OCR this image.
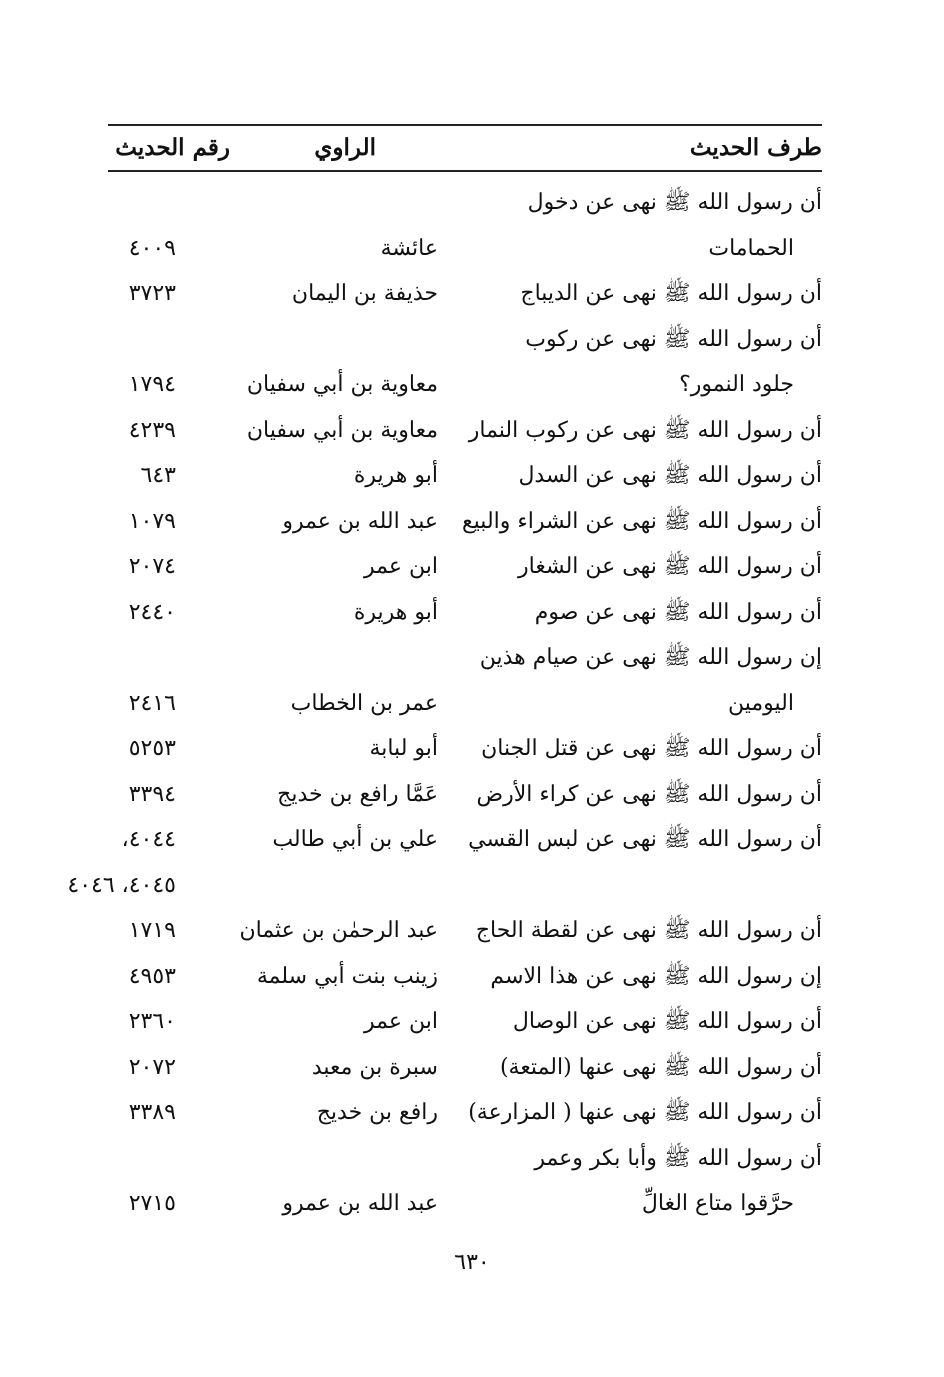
طرف الحديث
الراوي
رقم الحديث
أن رسول الله ﷺ نهى عن دخول
الحمامات
عائشة
٤٠٠٩
أن رسول الله ﷺ نهى عن الديباج
حذيفة بن اليمان
٣٧٢٣
أن رسول الله ﷺ نهى عن ركوب
جلود النمور؟
معاوية بن أبي سفيان
١٧٩٤
أن رسول الله ﷺ نهى عن ركوب النمار
معاوية بن أبي سفيان
٤٢٣٩
أن رسول الله ﷺ نهى عن السدل
أبو هريرة
٦٤٣
أن رسول الله ﷺ نهى عن الشراء والبيع
عبد الله بن عمرو
١٠٧٩
أن رسول الله ﷺ نهى عن الشغار
ابن عمر
٢٠٧٤
أن رسول الله ﷺ نهى عن صوم
أبو هريرة
٢٤٤٠
إن رسول الله ﷺ نهى عن صيام هذين
اليومين
عمر بن الخطاب
٢٤١٦
أن رسول الله ﷺ نهى عن قتل الجنان
أبو لبابة
٥٢٥٣
أن رسول الله ﷺ نهى عن كراء الأرض
عَمَّا رافع بن خديج
٣٣٩٤
أن رسول الله ﷺ نهى عن لبس القسي
علي بن أبي طالب
٤٠٤٤،
٤٠٤٥، ٤٠٤٦
أن رسول الله ﷺ نهى عن لقطة الحاج
عبد الرحمٰن بن عثمان
١٧١٩
إن رسول الله ﷺ نهى عن هذا الاسم
زينب بنت أبي سلمة
٤٩٥٣
أن رسول الله ﷺ نهى عن الوصال
ابن عمر
٢٣٦٠
أن رسول الله ﷺ نهى عنها (المتعة)
سبرة بن معبد
٢٠٧٢
أن رسول الله ﷺ نهى عنها ( المزارعة)
رافع بن خديج
٣٣٨٩
أن رسول الله ﷺ وأبا بكر وعمر
حرَّقوا متاع الغالِّ
عبد الله بن عمرو
٢٧١٥
٦٣٠
